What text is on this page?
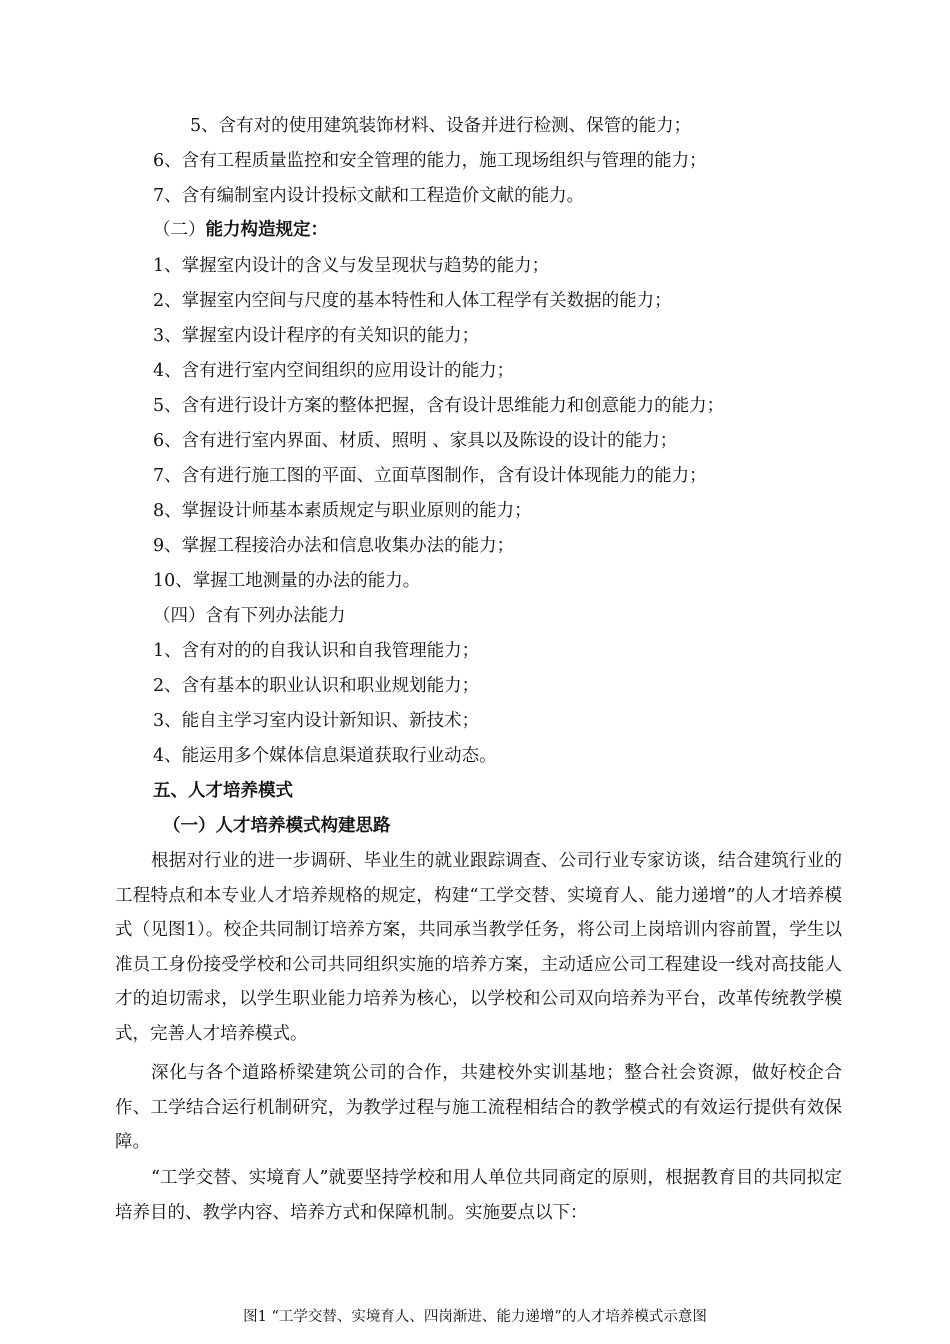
5、含有对的使用建筑装饰材料、设备并进行检测、保管的能力；
6、含有工程质量监控和安全管理的能力，施工现场组织与管理的能力；
7、含有编制室内设计投标文献和工程造价文献的能力。
（二）能力构造规定：
1、掌握室内设计的含义与发呈现状与趋势的能力；
2、掌握室内空间与尺度的基本特性和人体工程学有关数据的能力；
3、掌握室内设计程序的有关知识的能力；
4、含有进行室内空间组织的应用设计的能力；
5、含有进行设计方案的整体把握，含有设计思维能力和创意能力的能力；
6、含有进行室内界面、材质、照明 、家具以及陈设的设计的能力；
7、含有进行施工图的平面、立面草图制作，含有设计体现能力的能力；
8、掌握设计师基本素质规定与职业原则的能力；
9、掌握工程接洽办法和信息收集办法的能力；
10、掌握工地测量的办法的能力。
（四）含有下列办法能力
1、含有对的的自我认识和自我管理能力；
2、含有基本的职业认识和职业规划能力；
3、能自主学习室内设计新知识、新技术；
4、能运用多个媒体信息渠道获取行业动态。
五、人才培养模式
（一）人才培养模式构建思路
根据对行业的进一步调研、毕业生的就业跟踪调查、公司行业专家访谈，结合建筑行业的工程特点和本专业人才培养规格的规定，构建“工学交替、实境育人、能力递增”的人才培养模式（见图1）。校企共同制订培养方案，共同承当教学任务，将公司上岗培训内容前置，学生以准员工身份接受学校和公司共同组织实施的培养方案，主动适应公司工程建设一线对高技能人才的迫切需求，以学生职业能力培养为核心，以学校和公司双向培养为平台，改革传统教学模式，完善人才培养模式。
深化与各个道路桥梁建筑公司的合作，共建校外实训基地；整合社会资源，做好校企合作、工学结合运行机制研究，为教学过程与施工流程相结合的教学模式的有效运行提供有效保障。
“工学交替、实境育人”就要坚持学校和用人单位共同商定的原则，根据教育目的共同拟定培养目的、教学内容、培养方式和保障机制。实施要点以下：
图1 “工学交替、实境育人、四岗渐进、能力递增”的人才培养模式示意图
